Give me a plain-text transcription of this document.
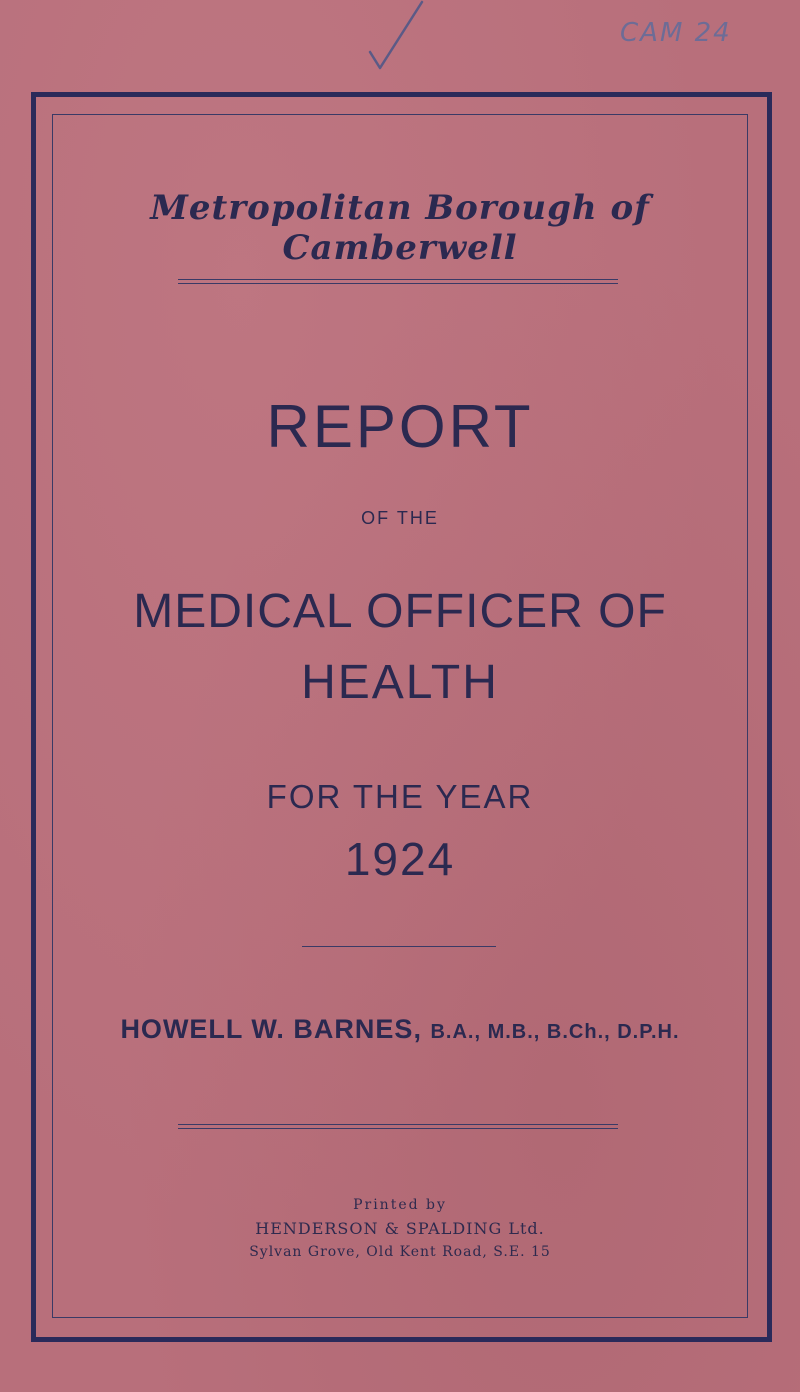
CAM 24
Metropolitan Borough of Camberwell
REPORT
OF THE
MEDICAL OFFICER OF
HEALTH
FOR THE YEAR
1924
HOWELL W. BARNES, B.A., M.B., B.Ch., D.P.H.
Printed by
HENDERSON & SPALDING Ltd.
Sylvan Grove, Old Kent Road, S.E. 15
